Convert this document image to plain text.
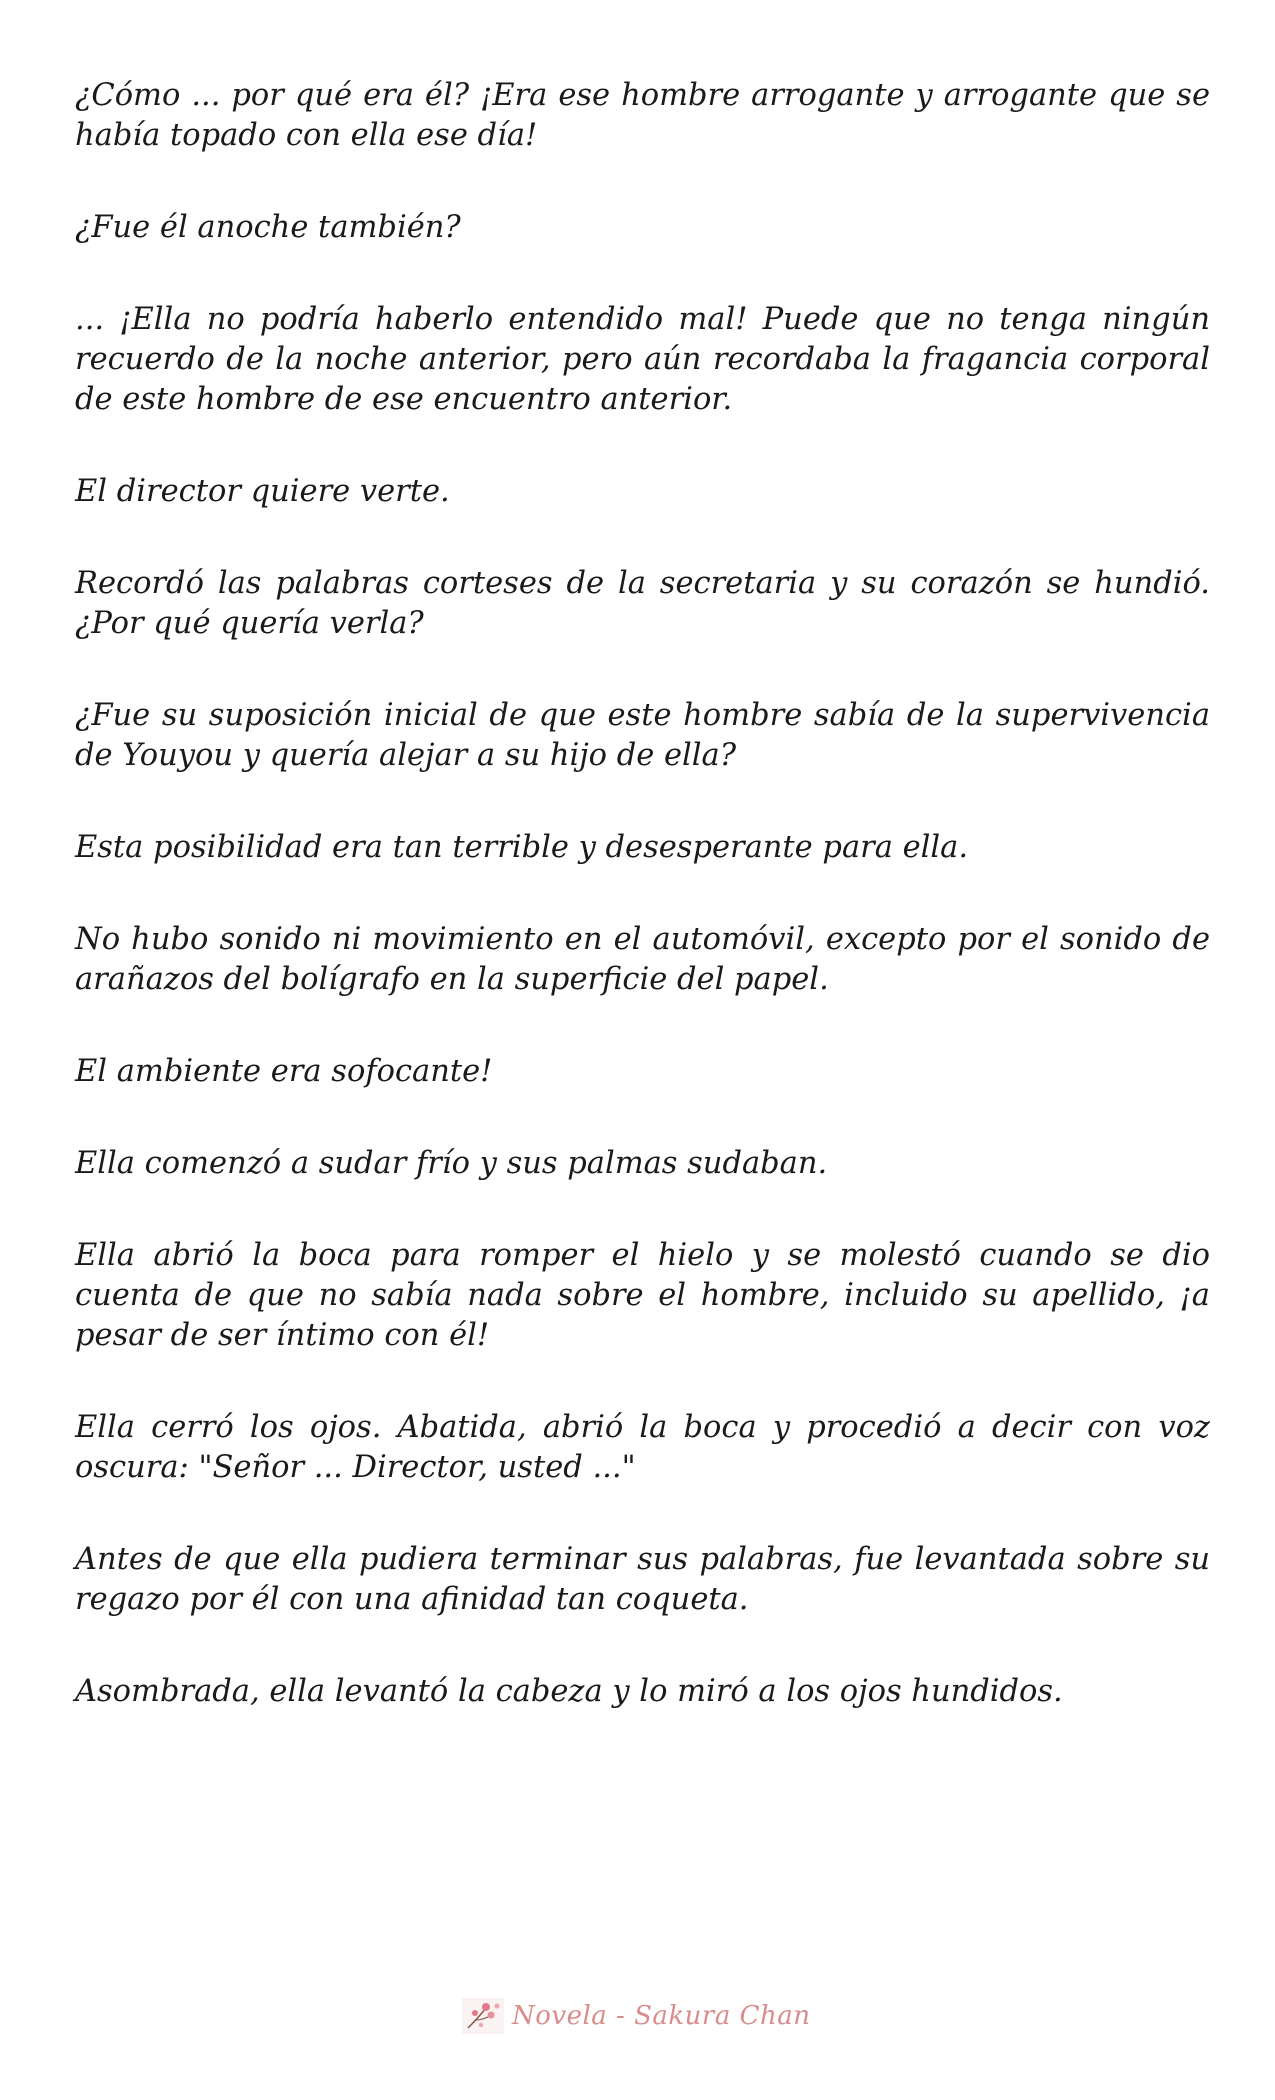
¿Cómo ... por qué era él? ¡Era ese hombre arrogante y arrogante que se había topado con ella ese día!

¿Fue él anoche también?

... ¡Ella no podría haberlo entendido mal! Puede que no tenga ningún recuerdo de la noche anterior, pero aún recordaba la fragancia corporal de este hombre de ese encuentro anterior.

El director quiere verte.

Recordó las palabras corteses de la secretaria y su corazón se hundió. ¿Por qué quería verla?

¿Fue su suposición inicial de que este hombre sabía de la supervivencia de Youyou y quería alejar a su hijo de ella?

Esta posibilidad era tan terrible y desesperante para ella.

No hubo sonido ni movimiento en el automóvil, excepto por el sonido de arañazos del bolígrafo en la superficie del papel.

El ambiente era sofocante!

Ella comenzó a sudar frío y sus palmas sudaban.

Ella abrió la boca para romper el hielo y se molestó cuando se dio cuenta de que no sabía nada sobre el hombre, incluido su apellido, ¡a pesar de ser íntimo con él!

Ella cerró los ojos. Abatida, abrió la boca y procedió a decir con voz oscura: "Señor ... Director, usted ..."

Antes de que ella pudiera terminar sus palabras, fue levantada sobre su regazo por él con una afinidad tan coqueta.

Asombrada, ella levantó la cabeza y lo miró a los ojos hundidos.

Novela - Sakura Chan
